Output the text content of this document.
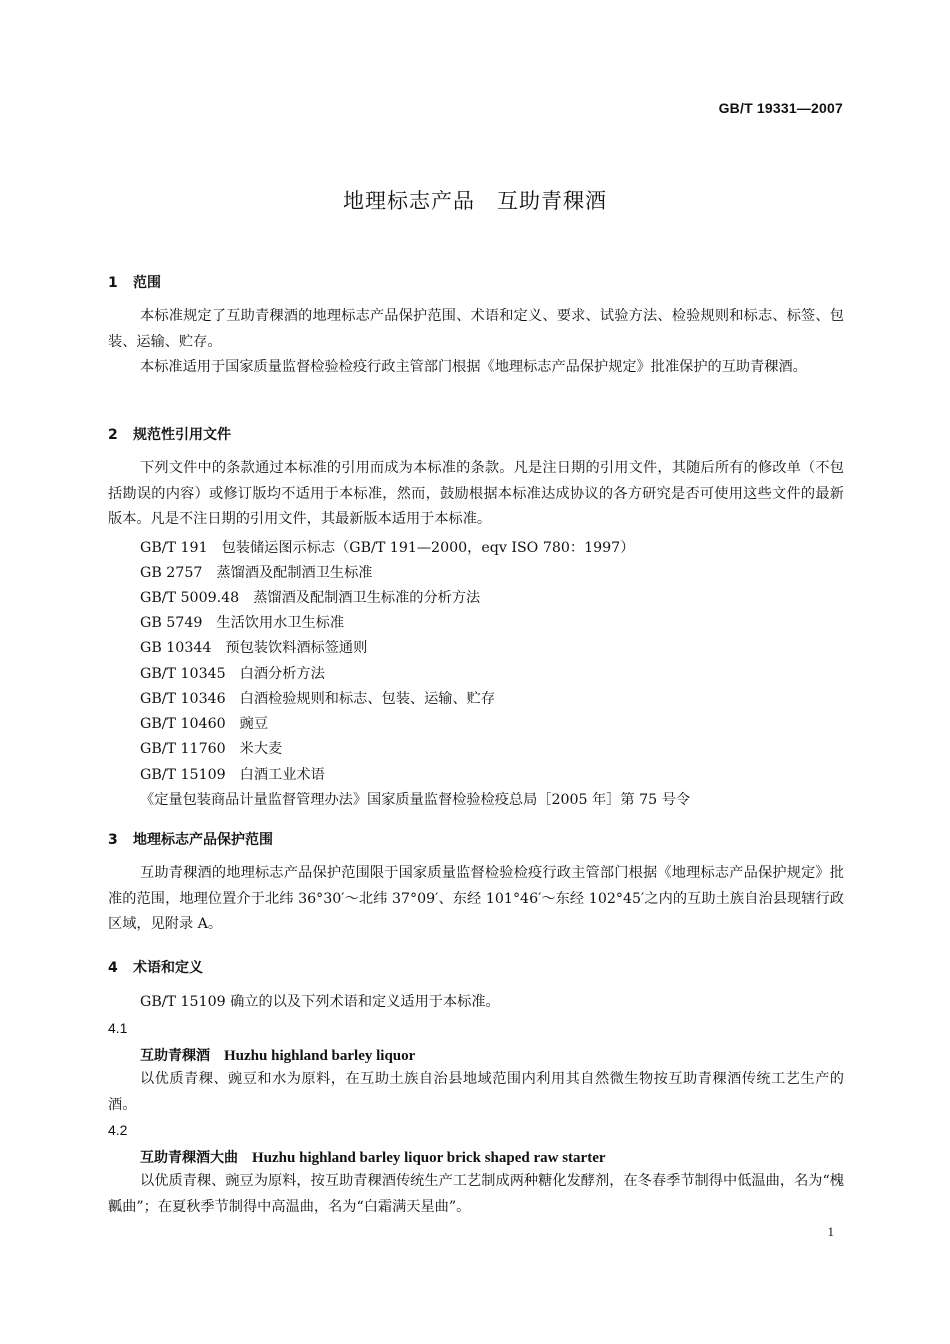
GB/T 19331—2007
地理标志产品　互助青稞酒
1 范围

本标准规定了互助青稞酒的地理标志产品保护范围、术语和定义、要求、试验方法、检验规则和标志、标签、包装、运输、贮存。

本标准适用于国家质量监督检验检疫行政主管部门根据《地理标志产品保护规定》批准保护的互助青稞酒。

2 规范性引用文件

下列文件中的条款通过本标准的引用而成为本标准的条款。凡是注日期的引用文件，其随后所有的修改单（不包括勘误的内容）或修订版均不适用于本标准，然而，鼓励根据本标准达成协议的各方研究是否可使用这些文件的最新版本。凡是不注日期的引用文件，其最新版本适用于本标准。

GB/T 191 包装储运图示标志（GB/T 191—2000，eqv ISO 780：1997）
GB 2757 蒸馏酒及配制酒卫生标准
GB/T 5009.48 蒸馏酒及配制酒卫生标准的分析方法
GB 5749 生活饮用水卫生标准
GB 10344 预包装饮料酒标签通则
GB/T 10345 白酒分析方法
GB/T 10346 白酒检验规则和标志、包装、运输、贮存
GB/T 10460 豌豆
GB/T 11760 米大麦
GB/T 15109 白酒工业术语
《定量包装商品计量监督管理办法》国家质量监督检验检疫总局［2005 年］第 75 号令
3 地理标志产品保护范围

互助青稞酒的地理标志产品保护范围限于国家质量监督检验检疫行政主管部门根据《地理标志产品保护规定》批准的范围，地理位置介于北纬 36°30′～北纬 37°09′、东经 101°46′～东经 102°45′之内的互助土族自治县现辖行政区域，见附录 A。

4 术语和定义

GB/T 15109 确立的以及下列术语和定义适用于本标准。

4.1
互助青稞酒 Huzhu highland barley liquor

以优质青稞、豌豆和水为原料，在互助土族自治县地域范围内利用其自然微生物按互助青稞酒传统工艺生产的酒。

4.2
互助青稞酒大曲 Huzhu highland barley liquor brick shaped raw starter

以优质青稞、豌豆为原料，按互助青稞酒传统生产工艺制成两种糖化发酵剂，在冬春季节制得中低温曲，名为“槐瓤曲”；在夏秋季节制得中高温曲，名为“白霜满天星曲”。

1
